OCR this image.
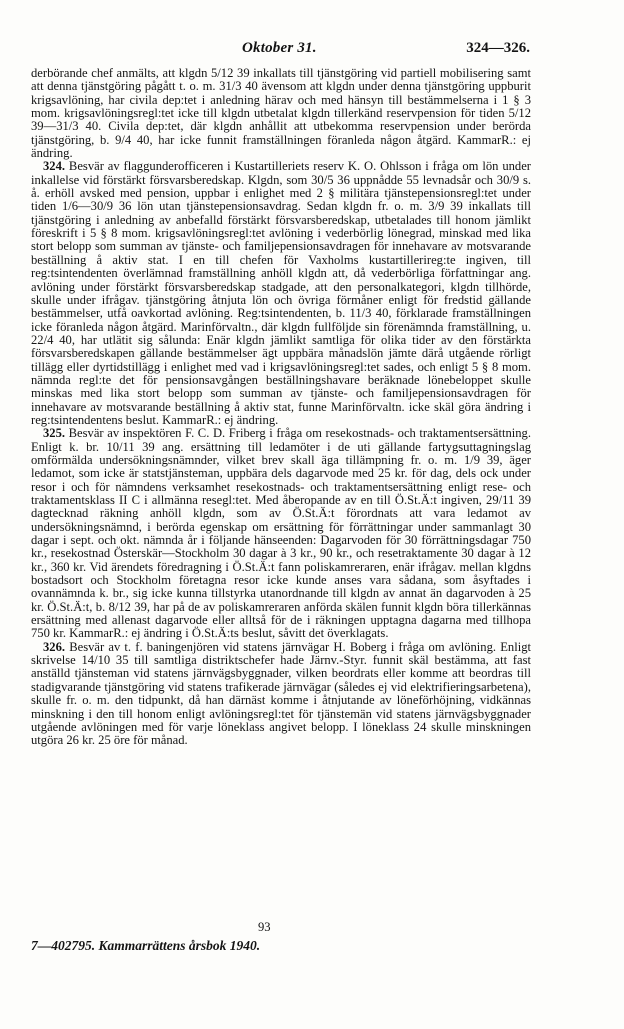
Oktober 31.	324—326.

derbörande chef anmälts, att klgdn 5/12 39 inkallats till tjänstgöring vid partiell mobilisering samt att denna tjänstgöring pågått t. o. m. 31/3 40 ävensom att klgdn under denna tjänstgöring uppburit krigsavlöning, har civila dep:tet i anledning härav och med hänsyn till bestämmelserna i 1 § 3 mom. krigsavlöningsregl:tet icke till klgdn utbetalat klgdn tillerkänd reservpension för tiden 5/12 39—31/3 40. Civila dep:tet, där klgdn anhållit att utbekomma reservpension under berörda tjänstgöring, b. 9/4 40, har icke funnit framställningen föranleda någon åtgärd. KammarR.: ej ändring.

324. Besvär av flaggunderofficeren i Kustartilleriets reserv K. O. Ohlsson i fråga om lön under inkallelse vid förstärkt försvarsberedskap. Klgdn, som 30/5 36 uppnådde 55 levnadsår och 30/9 s. å. erhöll avsked med pension, uppbar i enlighet med 2 § militära tjänstepensionsregl:tet under tiden 1/6—30/9 36 lön utan tjänstepensionsavdrag. Sedan klgdn fr. o. m. 3/9 39 inkallats till tjänstgöring i anledning av anbefalld förstärkt försvarsberedskap, utbetalades till honom jämlikt föreskrift i 5 § 8 mom. krigsavlöningsregl:tet avlöning i vederbörlig lönegrad, minskad med lika stort belopp som summan av tjänste- och familjepensionsavdragen för innehavare av motsvarande beställning å aktiv stat. I en till chefen för Vaxholms kustartillerireg:te ingiven, till reg:tsintendenten överlämnad framställning anhöll klgdn att, då vederbörliga författningar ang. avlöning under förstärkt försvarsberedskap stadgade, att den personalkategori, klgdn tillhörde, skulle under ifrågav. tjänstgöring åtnjuta lön och övriga förmåner enligt för fredstid gällande bestämmelser, utfå oavkortad avlöning. Reg:tsintendenten, b. 11/3 40, förklarade framställningen icke föranleda någon åtgärd. Marinförvaltn., där klgdn fullföljde sin förenämnda framställning, u. 22/4 40, har utlätit sig sålunda: Enär klgdn jämlikt samtliga för olika tider av den förstärkta försvarsberedskapen gällande bestämmelser ägt uppbära månadslön jämte därå utgående rörligt tillägg eller dyrtidstillägg i enlighet med vad i krigsavlöningsregl:tet sades, och enligt 5 § 8 mom. nämnda regl:te det för pensionsavgången beställningshavare beräknade lönebeloppet skulle minskas med lika stort belopp som summan av tjänste- och familjepensionsavdragen för innehavare av motsvarande beställning å aktiv stat, funne Marinförvaltn. icke skäl göra ändring i reg:tsintendentens beslut. KammarR.: ej ändring.

325. Besvär av inspektören F. C. D. Friberg i fråga om resekostnads- och traktamentsersättning. Enligt k. br. 10/11 39 ang. ersättning till ledamöter i de uti gällande fartygsuttagningslag omförmälda undersökningsnämnder, vilket brev skall äga tillämpning fr. o. m. 1/9 39, äger ledamot, som icke är statstjänsteman, uppbära dels dagarvode med 25 kr. för dag, dels ock under resor i och för nämndens verksamhet resekostnads- och traktamentsersättning enligt rese- och traktamentsklass II C i allmänna resegl:tet. Med åberopande av en till Ö.St.Ä:t ingiven, 29/11 39 dagtecknad räkning anhöll klgdn, som av Ö.St.Ä:t förordnats att vara ledamot av undersökningsnämnd, i berörda egenskap om ersättning för förrättningar under sammanlagt 30 dagar i sept. och okt. nämnda år i följande hänseenden: Dagarvoden för 30 förrättningsdagar 750 kr., resekostnad Österskär—Stockholm 30 dagar à 3 kr., 90 kr., och resetraktamente 30 dagar à 12 kr., 360 kr. Vid ärendets föredragning i Ö.St.Ä:t fann poliskamreraren, enär ifrågav. mellan klgdns bostadsort och Stockholm företagna resor icke kunde anses vara sådana, som åsyftades i ovannämnda k. br., sig icke kunna tillstyrka utanordnande till klgdn av annat än dagarvoden à 25 kr. Ö.St.Ä:t, b. 8/12 39, har på de av poliskamreraren anförda skälen funnit klgdn böra tillerkännas ersättning med allenast dagarvode eller alltså för de i räkningen upptagna dagarna med tillhopa 750 kr. KammarR.: ej ändring i Ö.St.Ä:ts beslut, såvitt det överklagats.

326. Besvär av t. f. baningenjören vid statens järnvägar H. Boberg i fråga om avlöning. Enligt skrivelse 14/10 35 till samtliga distriktschefer hade Järnv.-Styr. funnit skäl bestämma, att fast anställd tjänsteman vid statens järnvägsbyggnader, vilken beordrats eller komme att beordras till stadigvarande tjänstgöring vid statens trafikerade järnvägar (således ej vid elektrifieringsarbetena), skulle fr. o. m. den tidpunkt, då han därnäst komme i åtnjutande av löneförhöjning, vidkännas minskning i den till honom enligt avlöningsregl:tet för tjänstemän vid statens järnvägsbyggnader utgående avlöningen med för varje löneklass angivet belopp. I löneklass 24 skulle minskningen utgöra 26 kr. 25 öre för månad.

93
7—402795. Kammarrättens årsbok 1940.
